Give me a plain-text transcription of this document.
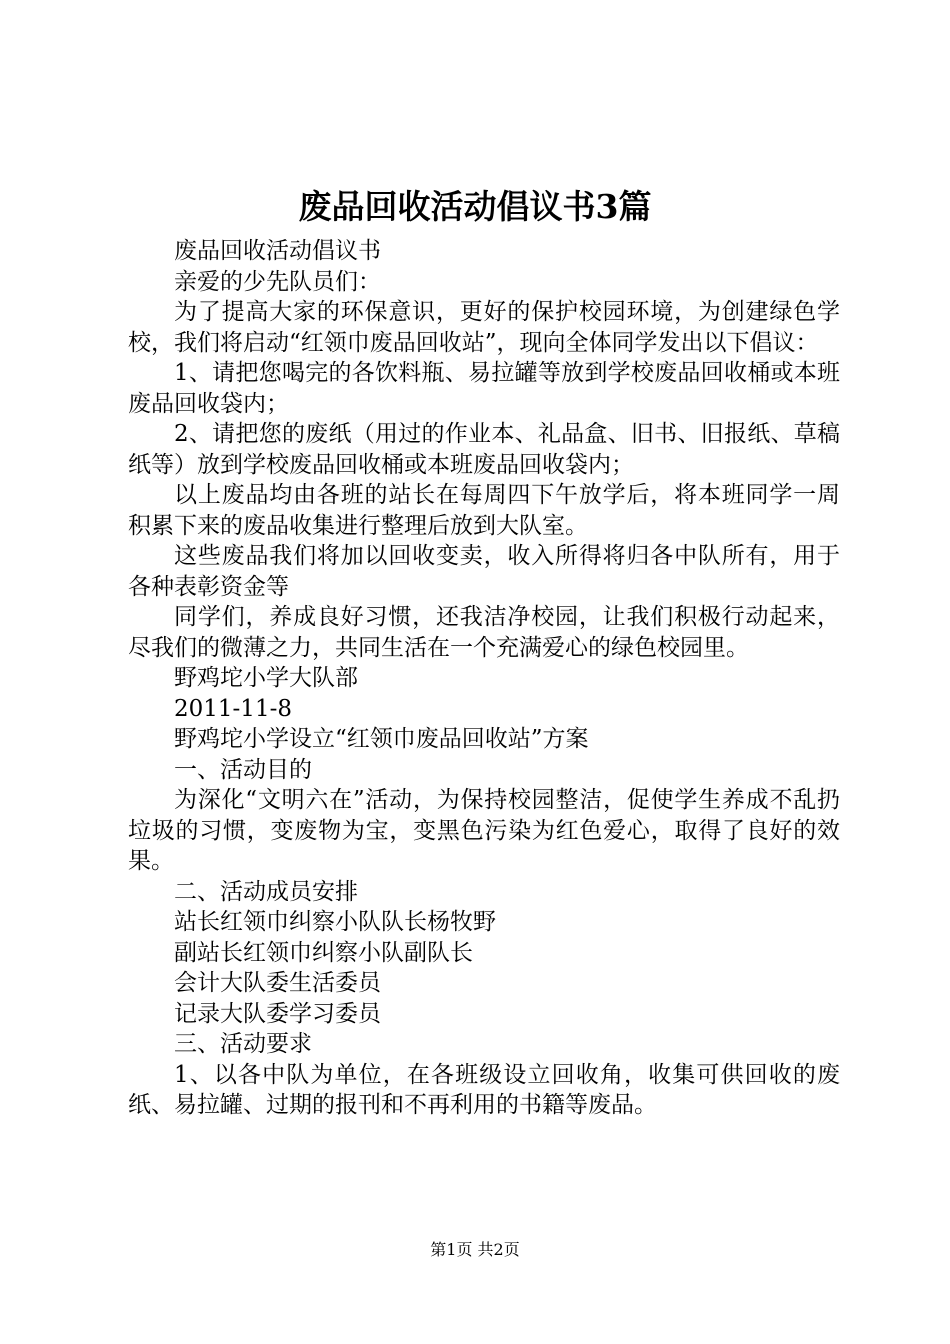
废品回收活动倡议书3篇

废品回收活动倡议书

亲爱的少先队员们：

为了提高大家的环保意识，更好的保护校园环境，为创建绿色学校，我们将启动“红领巾废品回收站”，现向全体同学发出以下倡议：

1、请把您喝完的各饮料瓶、易拉罐等放到学校废品回收桶或本班废品回收袋内；

2、请把您的废纸（用过的作业本、礼品盒、旧书、旧报纸、草稿纸等）放到学校废品回收桶或本班废品回收袋内；

以上废品均由各班的站长在每周四下午放学后，将本班同学一周积累下来的废品收集进行整理后放到大队室。

这些废品我们将加以回收变卖，收入所得将归各中队所有，用于各种表彰资金等

同学们，养成良好习惯，还我洁净校园，让我们积极行动起来，尽我们的微薄之力，共同生活在一个充满爱心的绿色校园里。

野鸡坨小学大队部

2011-11-8

野鸡坨小学设立“红领巾废品回收站”方案

一、活动目的

为深化“文明六在”活动，为保持校园整洁，促使学生养成不乱扔垃圾的习惯，变废物为宝，变黑色污染为红色爱心，取得了良好的效果。

二、活动成员安排

站长红领巾纠察小队队长杨牧野

副站长红领巾纠察小队副队长

会计大队委生活委员

记录大队委学习委员

三、活动要求

1、以各中队为单位，在各班级设立回收角，收集可供回收的废纸、易拉罐、过期的报刊和不再利用的书籍等废品。

第1页 共2页
